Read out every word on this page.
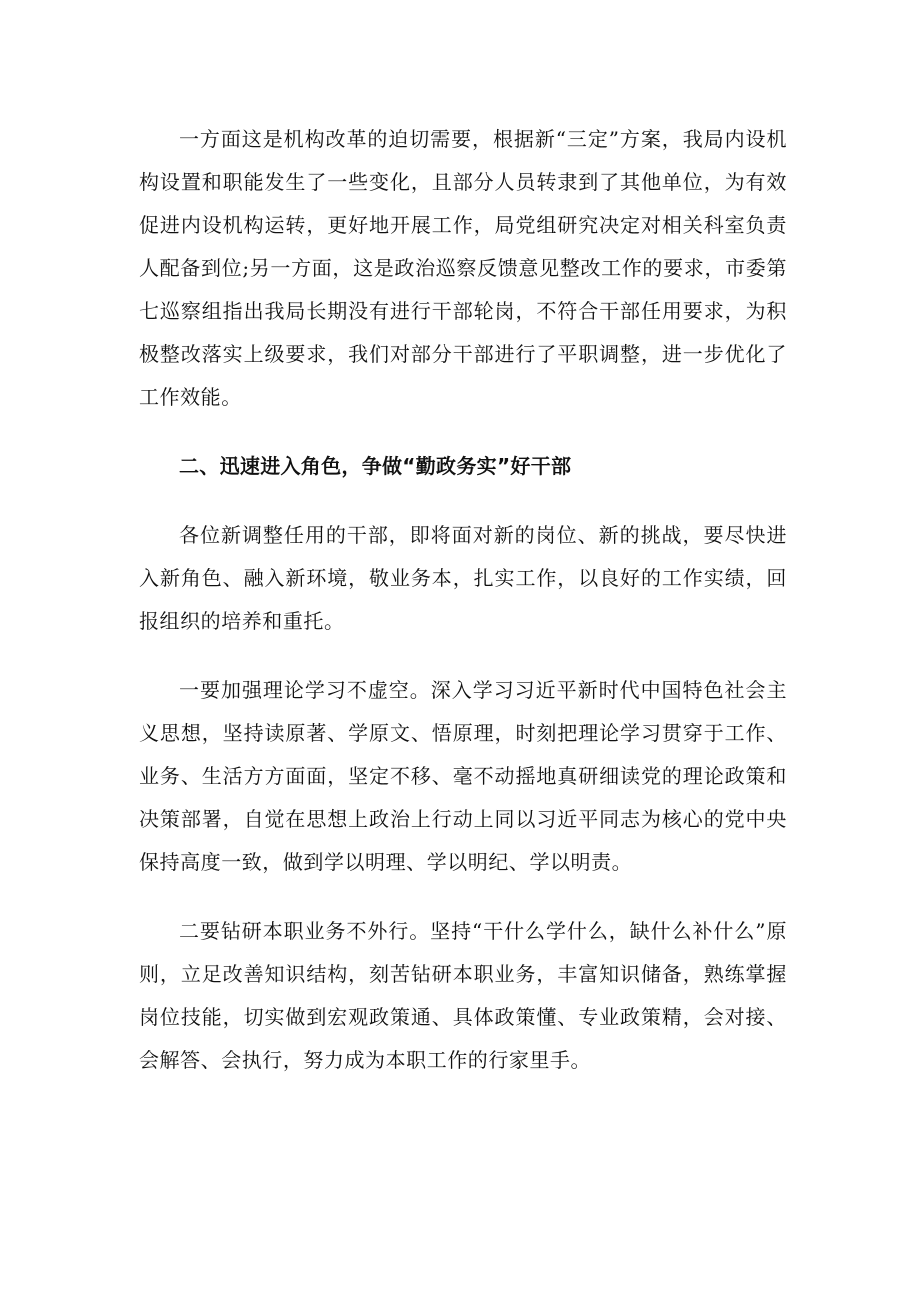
一方面这是机构改革的迫切需要，根据新“三定”方案，我局内设机构设置和职能发生了一些变化，且部分人员转隶到了其他单位，为有效促进内设机构运转，更好地开展工作，局党组研究决定对相关科室负责人配备到位;另一方面，这是政治巡察反馈意见整改工作的要求，市委第七巡察组指出我局长期没有进行干部轮岗，不符合干部任用要求，为积极整改落实上级要求，我们对部分干部进行了平职调整，进一步优化了工作效能。

二、迅速进入角色，争做“勤政务实”好干部

各位新调整任用的干部，即将面对新的岗位、新的挑战，要尽快进入新角色、融入新环境，敬业务本，扎实工作，以良好的工作实绩，回报组织的培养和重托。

一要加强理论学习不虚空。深入学习习近平新时代中国特色社会主义思想，坚持读原著、学原文、悟原理，时刻把理论学习贯穿于工作、业务、生活方方面面，坚定不移、毫不动摇地真研细读党的理论政策和决策部署，自觉在思想上政治上行动上同以习近平同志为核心的党中央保持高度一致，做到学以明理、学以明纪、学以明责。

二要钻研本职业务不外行。坚持“干什么学什么，缺什么补什么”原则，立足改善知识结构，刻苦钻研本职业务，丰富知识储备，熟练掌握岗位技能，切实做到宏观政策通、具体政策懂、专业政策精，会对接、会解答、会执行，努力成为本职工作的行家里手。
